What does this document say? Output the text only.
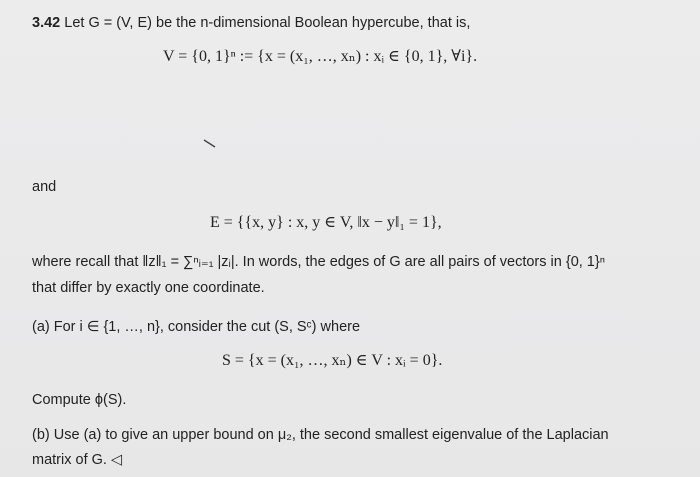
3.42 Let G = (V, E) be the n-dimensional Boolean hypercube, that is,
V = {0, 1}ⁿ := {x = (x₁, …, xₙ) : xᵢ ∈ {0, 1}, ∀i}.
and
E = {{x, y} : x, y ∈ V, ‖x − y‖₁ = 1},
where recall that ‖z‖₁ = ∑ⁿᵢ₌₁ |zᵢ|. In words, the edges of G are all pairs of vectors in {0, 1}ⁿ
that differ by exactly one coordinate.
(a) For i ∈ {1, …, n}, consider the cut (S, Sᶜ) where
S = {x = (x₁, …, xₙ) ∈ V : xᵢ = 0}.
Compute ϕ(S).
(b) Use (a) to give an upper bound on μ₂, the second smallest eigenvalue of the Laplacian
matrix of G. ◁
